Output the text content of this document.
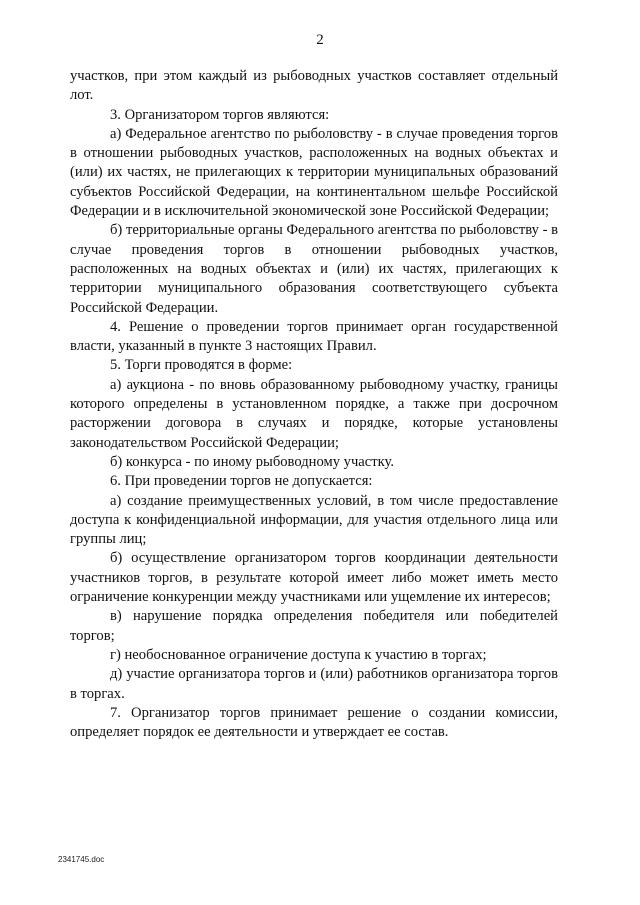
2

участков, при этом каждый из рыбоводных участков составляет отдельный лот.

3. Организатором торгов являются:

а) Федеральное агентство по рыболовству - в случае проведения торгов в отношении рыбоводных участков, расположенных на водных объектах и (или) их частях, не прилегающих к территории муниципальных образований субъектов Российской Федерации, на континентальном шельфе Российской Федерации и в исключительной экономической зоне Российской Федерации;

б) территориальные органы Федерального агентства по рыболовству - в случае проведения торгов в отношении рыбоводных участков, расположенных на водных объектах и (или) их частях, прилегающих к территории муниципального образования соответствующего субъекта Российской Федерации.

4. Решение о проведении торгов принимает орган государственной власти, указанный в пункте 3 настоящих Правил.

5. Торги проводятся в форме:

а) аукциона - по вновь образованному рыбоводному участку, границы которого определены в установленном порядке, а также при досрочном расторжении договора в случаях и порядке, которые установлены законодательством Российской Федерации;

б) конкурса - по иному рыбоводному участку.

6. При проведении торгов не допускается:

а) создание преимущественных условий, в том числе предоставление доступа к конфиденциальной информации, для участия отдельного лица или группы лиц;

б) осуществление организатором торгов координации деятельности участников торгов, в результате которой имеет либо может иметь место ограничение конкуренции между участниками или ущемление их интересов;

в) нарушение порядка определения победителя или победителей торгов;

г) необоснованное ограничение доступа к участию в торгах;

д) участие организатора торгов и (или) работников организатора торгов в торгах.

7. Организатор торгов принимает решение о создании комиссии, определяет порядок ее деятельности и утверждает ее состав.

2341745.doc
